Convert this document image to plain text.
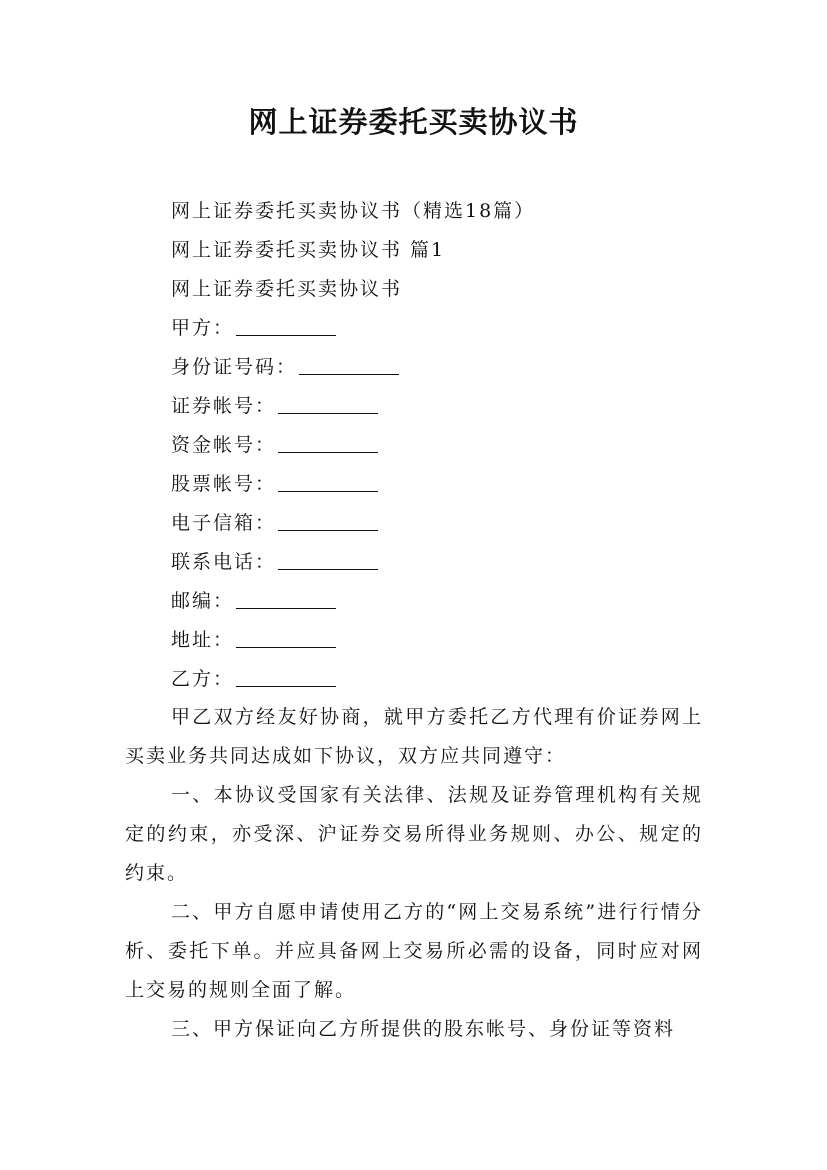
网上证券委托买卖协议书
网上证券委托买卖协议书（精选18篇）
网上证券委托买卖协议书 篇1
网上证券委托买卖协议书
甲方：
身份证号码：
证券帐号：
资金帐号：
股票帐号：
电子信箱：
联系电话：
邮编：
地址：
乙方：

甲乙双方经友好协商，就甲方委托乙方代理有价证券网上买卖业务共同达成如下协议，双方应共同遵守：

一、本协议受国家有关法律、法规及证券管理机构有关规定的约束，亦受深、沪证券交易所得业务规则、办公、规定的约束。

二、甲方自愿申请使用乙方的“网上交易系统”进行行情分析、委托下单。并应具备网上交易所必需的设备，同时应对网上交易的规则全面了解。

三、甲方保证向乙方所提供的股东帐号、身份证等资料
